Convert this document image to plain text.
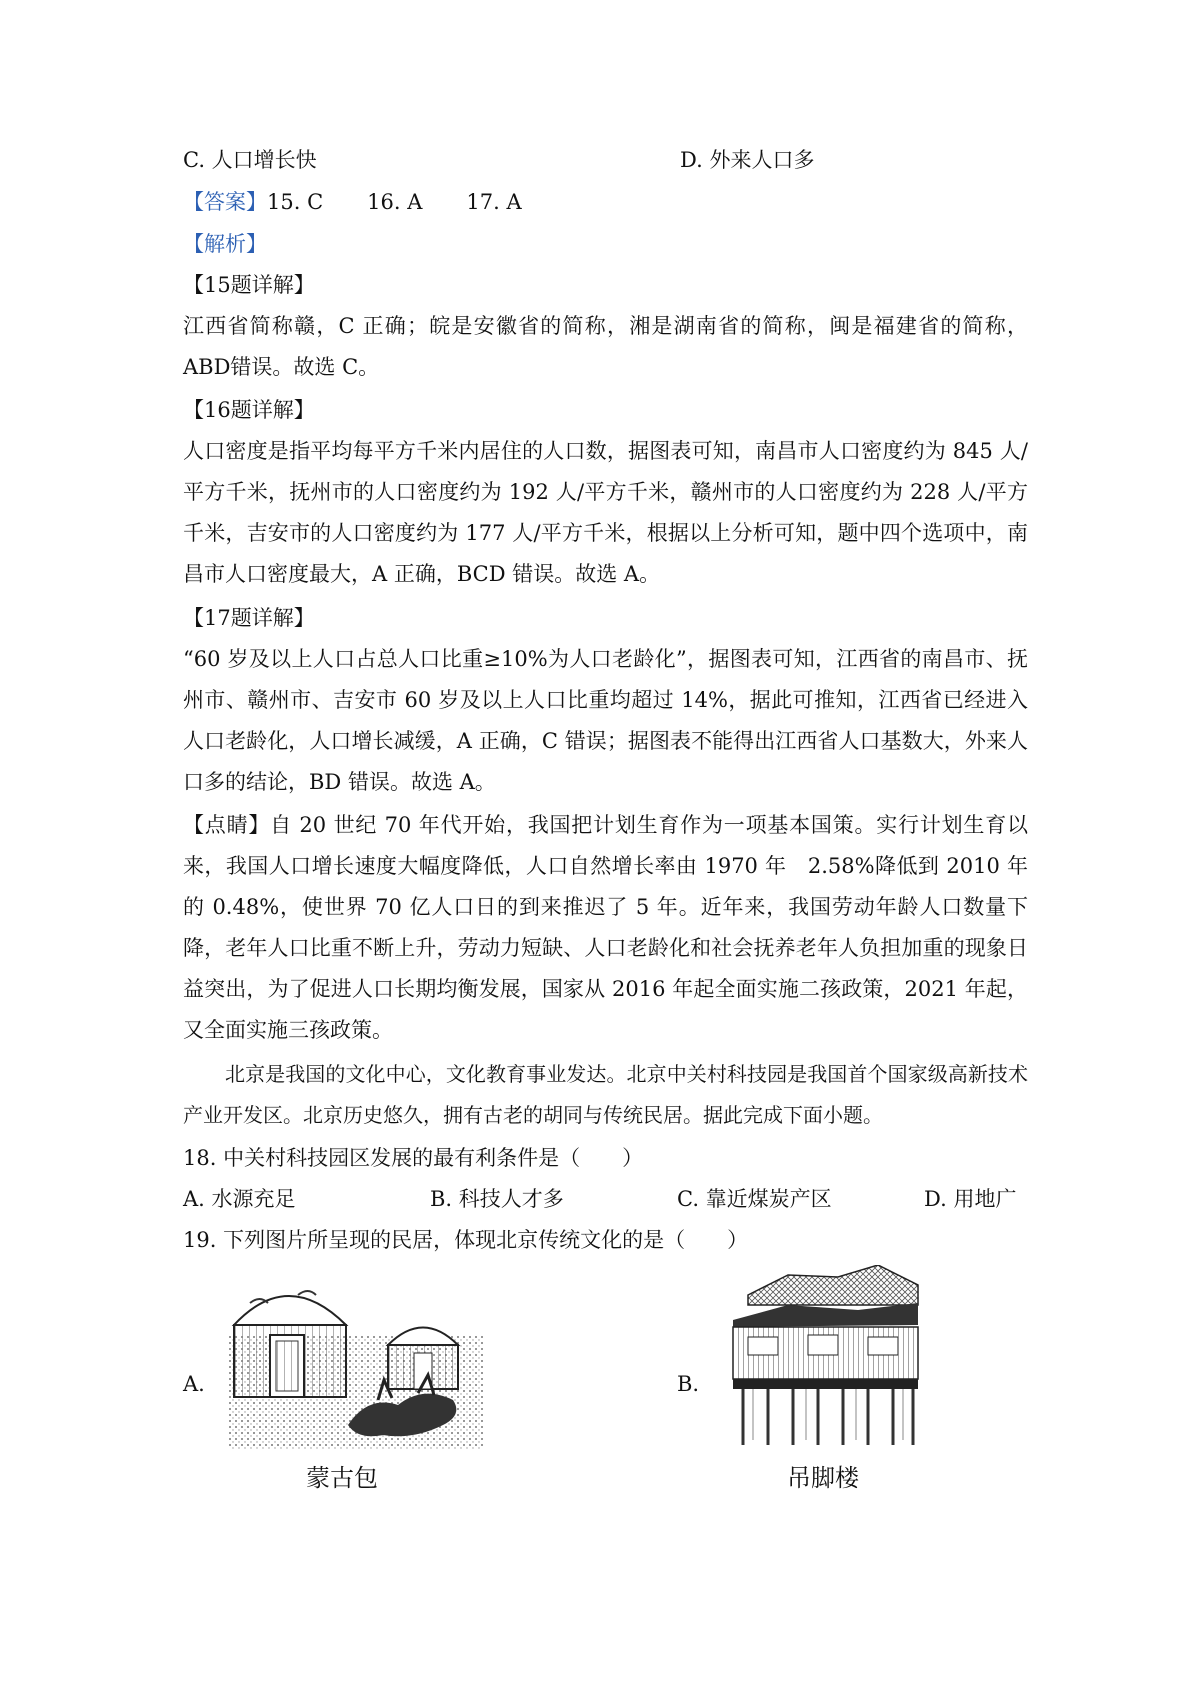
C. 人口增长快	D. 外来人口多
【答案】15. C 16. A 17. A
【解析】
【15题详解】
江西省简称赣，C 正确；皖是安徽省的简称，湘是湖南省的简称，闽是福建省的简称，ABD错误。故选 C。
【16题详解】
人口密度是指平均每平方千米内居住的人口数，据图表可知，南昌市人口密度约为 845 人/平方千米，抚州市的人口密度约为 192 人/平方千米，赣州市的人口密度约为 228 人/平方千米，吉安市的人口密度约为 177 人/平方千米，根据以上分析可知，题中四个选项中，南昌市人口密度最大，A 正确，BCD 错误。故选 A。
【17题详解】
“60 岁及以上人口占总人口比重≥10%为人口老龄化”，据图表可知，江西省的南昌市、抚州市、赣州市、吉安市 60 岁及以上人口比重均超过 14%，据此可推知，江西省已经进入人口老龄化，人口增长减缓，A 正确，C 错误；据图表不能得出江西省人口基数大，外来人口多的结论，BD 错误。故选 A。
【点睛】自 20 世纪 70 年代开始，我国把计划生育作为一项基本国策。实行计划生育以来，我国人口增长速度大幅度降低，人口自然增长率由 1970 年　2.58%降低到 2010 年的 0.48%，使世界 70 亿人口日的到来推迟了 5 年。近年来，我国劳动年龄人口数量下降，老年人口比重不断上升，劳动力短缺、人口老龄化和社会抚养老年人负担加重的现象日益突出，为了促进人口长期均衡发展，国家从 2016 年起全面实施二孩政策，2021 年起，又全面实施三孩政策。
北京是我国的文化中心，文化教育事业发达。北京中关村科技园是我国首个国家级高新技术产业开发区。北京历史悠久，拥有古老的胡同与传统民居。据此完成下面小题。
18. 中关村科技园区发展的最有利条件是（　　）
A. 水源充足	B. 科技人才多	C. 靠近煤炭产区	D. 用地广
19. 下列图片所呈现的民居，体现北京传统文化的是（　　）
A.	B.
蒙古包	吊脚楼
